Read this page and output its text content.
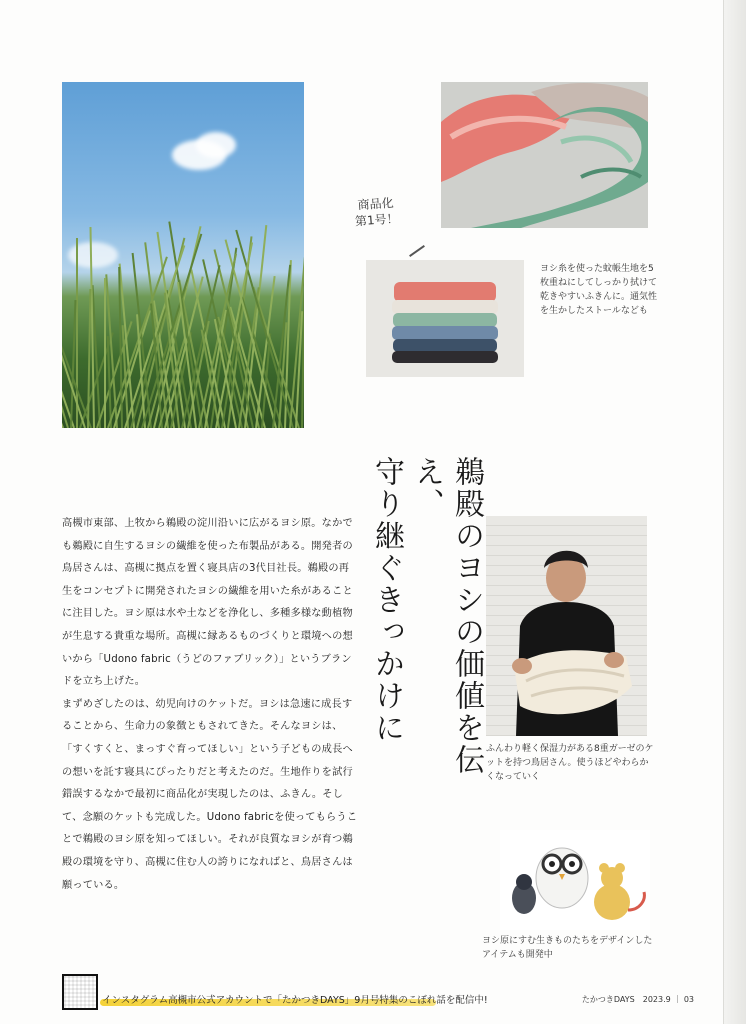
商品化
第1号！
ヨシ糸を使った蚊帳生地を5枚重ねにしてしっかり拭けて乾きやすいふきんに。通気性を生かしたストールなども
鵜殿のヨシの価値を伝え、
守り継ぐきっかけに

高槻市東部、上牧から鵜殿の淀川沿いに広がるヨシ原。なかでも鵜殿に自生するヨシの繊維を使った布製品がある。開発者の鳥居さんは、高槻に拠点を置く寝具店の3代目社長。鵜殿の再生をコンセプトに開発されたヨシの繊維を用いた糸があることに注目した。ヨシ原は水や土などを浄化し、多種多様な動植物が生息する貴重な場所。高槻に縁あるものづくりと環境への想いから「Udono fabric（うどのファブリック）」というブランドを立ち上げた。

まずめざしたのは、幼児向けのケットだ。ヨシは急速に成長することから、生命力の象徴ともされてきた。そんなヨシは、「すくすくと、まっすぐ育ってほしい」という子どもの成長への想いを託す寝具にぴったりだと考えたのだ。生地作りを試行錯誤するなかで最初に商品化が実現したのは、ふきん。そして、念願のケットも完成した。Udono fabricを使ってもらうことで鵜殿のヨシ原を知ってほしい。それが良質なヨシが育つ鵜殿の環境を守り、高槻に住む人の誇りになればと、鳥居さんは願っている。

ふんわり軽く保湿力がある8重ガーゼのケットを持つ鳥居さん。使うほどやわらかくなっていく
ヨシ原にすむ生きものたちをデザインしたアイテムも開発中
インスタグラム高槻市公式アカウントで「たかつきDAYS」9月号特集のこぼれ話を配信中!	たかつきDAYS　2023.9 ｜ 03
